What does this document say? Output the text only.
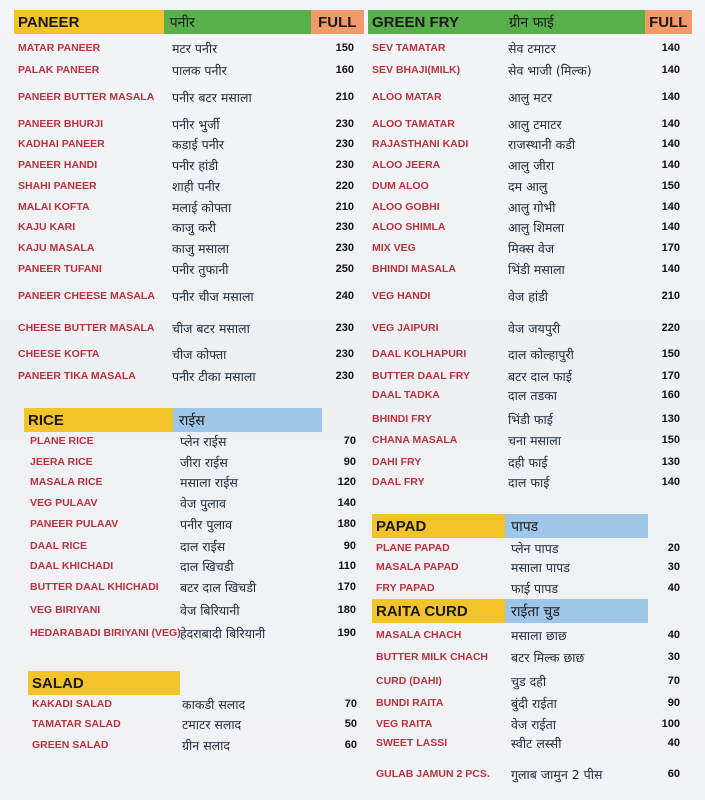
PANEER	पनीर	FULL	GREEN FRY	ग्रीन फाई	FULL
RICE	राईस
SALAD
PAPAD	पापड
RAITA CURD	राईता चुड
MATAR PANEER	मटर पनीर	150
PALAK PANEER	पालक पनीर	160
PANEER BUTTER MASALA पनीर बटर मसाला	210
PANEER BHURJI	पनीर भुर्जी	230
KADHAI PANEER	कडाई पनीर	230
PANEER HANDI	पनीर हांडी	230
SHAHI PANEER	शाही पनीर	220
MALAI KOFTA	मलाई कोफ्ता	210
KAJU KARI	काजु करी	230
KAJU MASALA	काजु मसाला	230
PANEER TUFANI	पनीर तुफानी	250
PANEER CHEESE MASALA पनीर चीज मसाला	240
CHEESE BUTTER MASALA चीज बटर मसाला	230
CHEESE KOFTA	चीज कोफ्ता	230
PANEER TIKA MASALA	पनीर टीका मसाला	230
PLANE RICE	प्लेन राईस	70
JEERA RICE	जीरा राईस	90
MASALA RICE	मसाला राईस	120
VEG PULAAV	वेज पुलाव	140
PANEER PULAAV	पनीर पुलाव	180
DAAL RICE	दाल राईस	90
DAAL KHICHADI	दाल खिचडी	110
BUTTER DAAL KHICHADI बटर दाल खिचडी	170
VEG BIRIYANI	वेज बिरियानी	180
HEDARABADI BIRIYANI (VEG) हेदराबादी बिरियानी	190
KAKADI SALAD	काकडी सलाद	70
TAMATAR SALAD	टमाटर सलाद	50
GREEN SALAD	ग्रीन सलाद	60
SEV TAMATAR	सेव टमाटर	140
SEV BHAJI(MILK)	सेव भाजी (मिल्क)	140
ALOO MATAR	आलु मटर	140
ALOO TAMATAR	आलु टमाटर	140
RAJASTHANI KADI	राजस्थानी कडी	140
ALOO JEERA	आलु जीरा	140
DUM ALOO	दम आलु	150
ALOO GOBHI	आलु गोभी	140
ALOO SHIMLA	आलु शिमला	140
MIX VEG	मिक्स वेज	170
BHINDI MASALA	भिंडी मसाला	140
VEG HANDI	वेज हांडी	210
VEG JAIPURI	वेज जयपुरी	220
DAAL KOLHAPURI	दाल कोल्हापुरी	150
BUTTER DAAL FRY	बटर दाल फाई	170
DAAL TADKA	दाल तडका	160
BHINDI FRY	भिंडी फाई	130
CHANA MASALA	चना मसाला	150
DAHI FRY	दही फाई	130
DAAL FRY	दाल फाई	140
PLANE PAPAD	प्लेन पापड	20
MASALA PAPAD	मसाला पापड	30
FRY PAPAD	फाई पापड	40
MASALA CHACH	मसाला छाछ	40
BUTTER MILK CHACH बटर मिल्क छाछ	30
CURD (DAHI)	चुड दही	70
BUNDI RAITA	बुंदी राईता	90
VEG RAITA	वेज राईता	100
SWEET LASSI	स्वीट लस्सी	40
GULAB JAMUN 2 PCS. गुलाब जामुन 2 पीस	60
